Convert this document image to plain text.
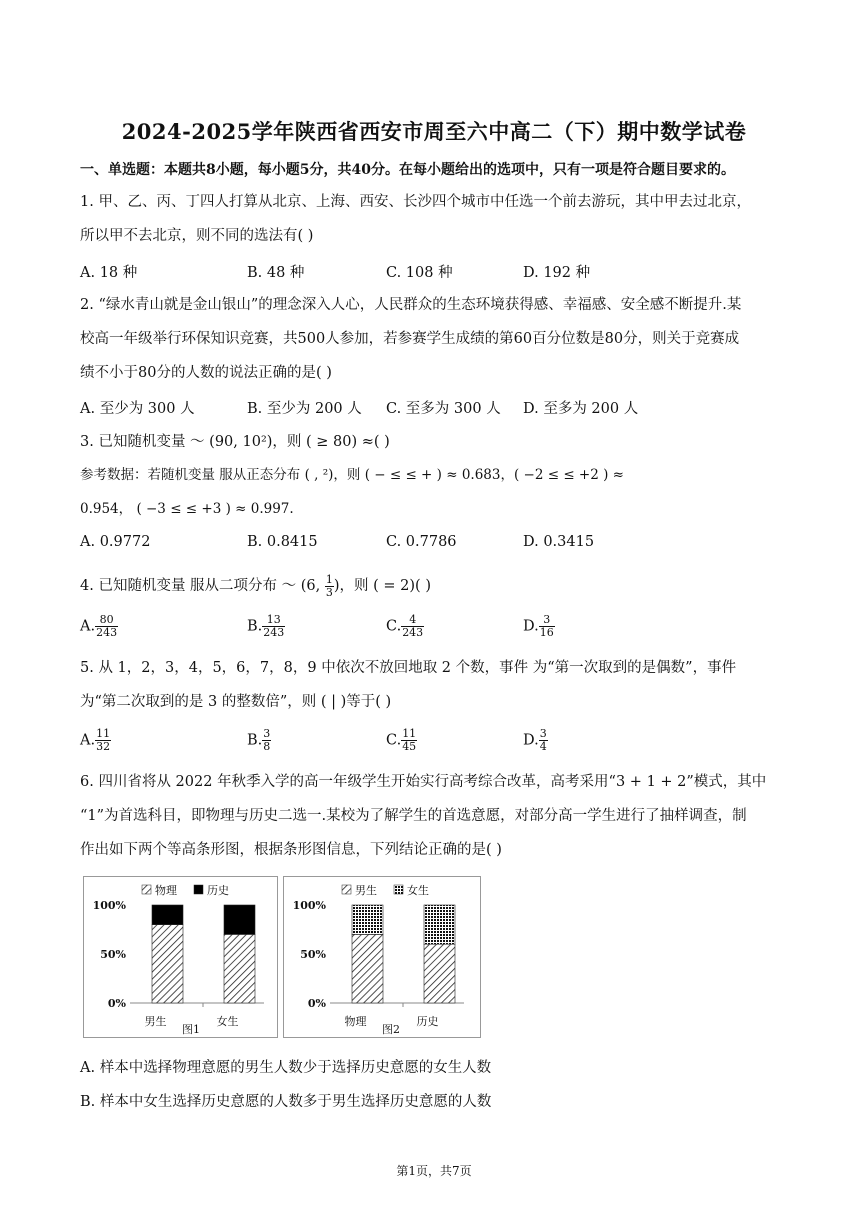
2024-2025学年陕西省西安市周至六中高二（下）期中数学试卷
一、单选题：本题共8小题，每小题5分，共40分。在每小题给出的选项中，只有一项是符合题目要求的。
1. 甲、乙、丙、丁四人打算从北京、上海、西安、长沙四个城市中任选一个前去游玩，其中甲去过北京，
所以甲不去北京，则不同的选法有( )
A. 18 种	B. 48 种	C. 108 种	D. 192 种
2. “绿水青山就是金山银山”的理念深入人心，人民群众的生态环境获得感、幸福感、安全感不断提升.某
校高一年级举行环保知识竞赛，共500人参加，若参赛学生成绩的第60百分位数是80分，则关于竞赛成
绩不小于80分的人数的说法正确的是( )
A. 至少为 300 人	B. 至少为 200 人 C. 至多为 300 人 D. 至多为 200 人
3. 已知随机变量 ～ (90, 10²)，则 ( ≥ 80) ≈( )
参考数据：若随机变量 服从正态分布 ( , ²)，则 ( − ≤ ≤ + ) ≈ 0.683，( −2 ≤ ≤ +2 ) ≈
0.954， ( −3 ≤ ≤ +3 ) ≈ 0.997.
A. 0.9772	B. 0.8415	C. 0.7786	D. 0.3415
4. 已知随机变量 服从二项分布 ～ (6, $\frac{1}{3}$ )，则 ( = 2)( )
A. $\frac{80}{243}$	B. $\frac{13}{243}$	C. $\frac{4}{243}$	D. $\frac{3}{16}$
5. 从 1，2，3，4，5，6，7，8，9 中依次不放回地取 2 个数，事件 为“第一次取到的是偶数”，事件
为“第二次取到的是 3 的整数倍”，则 ( | )等于( )
A. $\frac{11}{32}$	B. $\frac{3}{8}$	C. $\frac{11}{45}$	D. $\frac{3}{4}$
6. 四川省将从 2022 年秋季入学的高一年级学生开始实行高考综合改革，高考采用“3 + 1 + 2”模式，其中
“1”为首选科目，即物理与历史二选一.某校为了解学生的首选意愿，对部分高一学生进行了抽样调查，制
作出如下两个等高条形图，根据条形图信息，下列结论正确的是( )
物理	历史
0%
50%
100%
男生	女生
图1
男生	女生
0%
50%
100%
物理	历史
图2
A. 样本中选择物理意愿的男生人数少于选择历史意愿的女生人数
B. 样本中女生选择历史意愿的人数多于男生选择历史意愿的人数
第1页，共7页
